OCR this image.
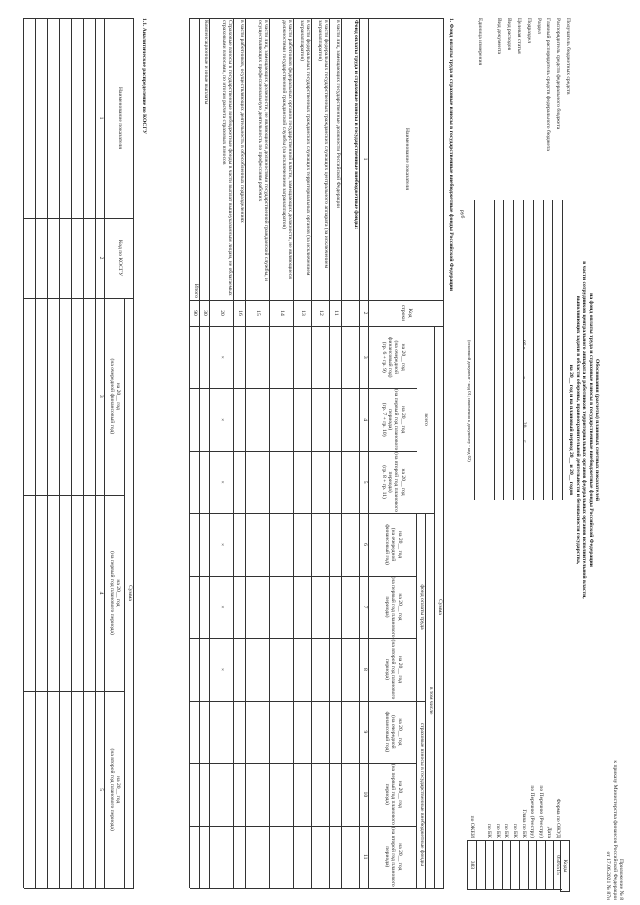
Приложение № 8
к приказу Министерства финансов Российской Федерации
от 17.06.2021 № 87н
Обоснования (расчеты) плановых сметных показателей
на фонд оплаты труда и страховые взносы в государственные внебюджетные фонды Российской Федерации
в части сотрудников центрального аппарата и работников территориальных органов федеральных органов исполнительной власти,
выполняющих задачи в области обороны, правоохранительной деятельности и безопасности государства,
на 20__ год и на плановый период 20__ и 20__ годов
от «  »  20  г.
Коды
Форма по ОКУД
0505515
Дата
по Перечню (Реестру)
по Перечню (Реестру)
Глава по БК
по БК
по БК
по БК
по БК
по ОКЕИ
383
Получатель бюджетных средств
Распорядитель средств федерального бюджета
Главный распорядитель средств федерального бюджета
Раздел
Подраздел
Целевая статья
Вид расходов
Вид документа
Единица измерения
(основной документ - код 01; изменения к документу - код 02)
руб
1. Фонд оплаты труда и страховые взносы в государственные внебюджетные фонды Российской Федерации
Наименование показателя
Код строки
Сумма
всего
в том числе
фонд оплаты труда
страховые взносы в государственные внебюджетные фонды
на 20__ год
(на очередной финансовый год)
(гр. 6 + гр. 9)
на 20__ год
(на первый год планового периода)
(гр. 7 + гр. 10)
на 20__ год
(на второй год планового периода)
(гр. 8 + гр. 11)
на 20__ год
(на очередной финансовый год)
на 20__ год
(на первый год планового периода)
на 20__ год
(на второй год планового периода)
на 20__ год
(на очередной финансовый год)
на 20__ год
(на первый год планового периода)
на 20__ год
(на второй год планового периода)
1
2
3
4
5
6
7
8
9
10
11
Фонд оплаты труда и страховые взносы в государственные внебюджетные фонды:
в части лиц, замещающих государственные должности Российской Федерации
11
в части федеральных государственных гражданских служащих центрального аппарата (за исключением загранаппаратов)
12
в части федеральных государственных гражданских служащих территориальных органов (за исключением загранаппаратов)
13
в части работников федеральных органов государственной власти, замещающих должности, не являющиеся должностями государственной гражданской службы (за исключением загранаппаратов)
14
в части лиц, замещающих должности, не являющиеся должностями государственной гражданской службы, и осуществляющих профессиональную деятельность по профессиям рабочих
15
в части работников, осуществляющих деятельность в обособленных подразделениях
16
Страховые взносы в государственные внебюджетные фонды в части выплат вышеуказанным лицам, не облагаемых страховыми взносами, по итогам расчета страховых взносов
20
×
×
×
×
×
×
Компенсационные и иные выплаты
30
Итого
90
1.1. Аналитическое распределение по КОСГУ
Наименование показателя
Код по КОСГУ
Сумма
на 20__ год
(на очередной финансовый год)
на 20__ год
(на первый год планового периода)
на 20__ год
(на второй год планового периода)
1
2
3
4
5
